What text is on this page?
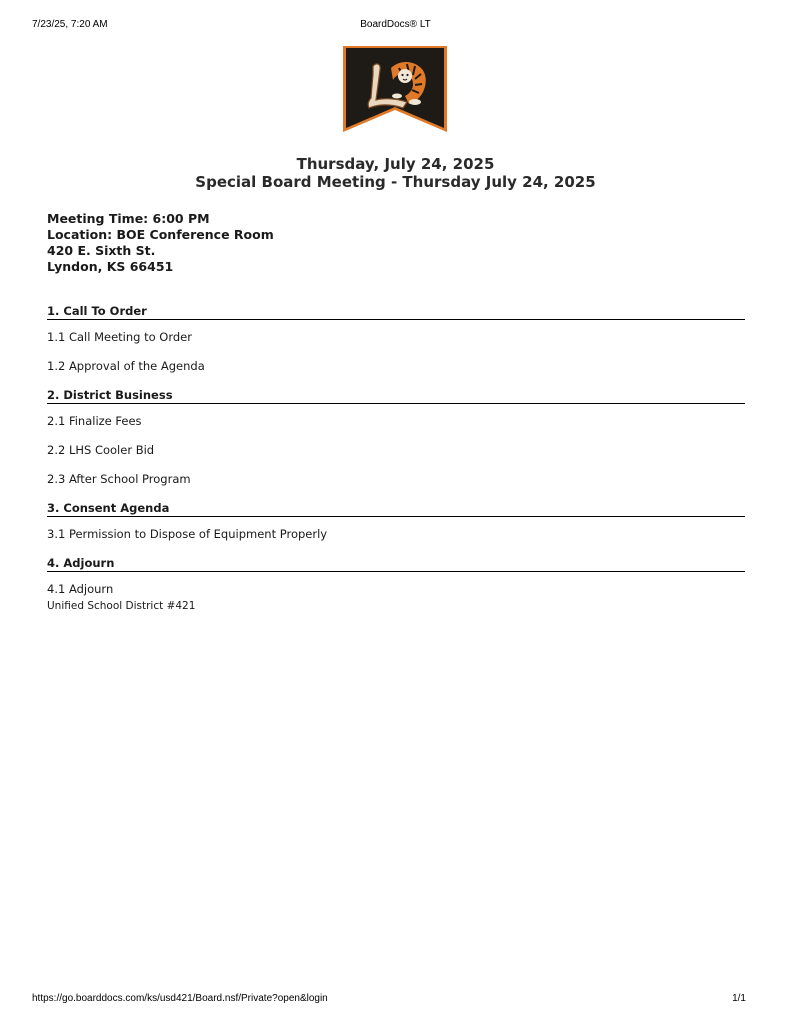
7/23/25, 7:20 AM	BoardDocs® LT
Thursday, July 24, 2025
Special Board Meeting - Thursday July 24, 2025
Meeting Time: 6:00 PM
Location: BOE Conference Room
420 E. Sixth St.
Lyndon, KS 66451
1. Call To Order
1.1 Call Meeting to Order
1.2 Approval of the Agenda
2. District Business
2.1 Finalize Fees
2.2 LHS Cooler Bid
2.3 After School Program
3. Consent Agenda
3.1 Permission to Dispose of Equipment Properly
4. Adjourn
4.1 Adjourn
Unified School District #421
https://go.boarddocs.com/ks/usd421/Board.nsf/Private?open&login	1/1
